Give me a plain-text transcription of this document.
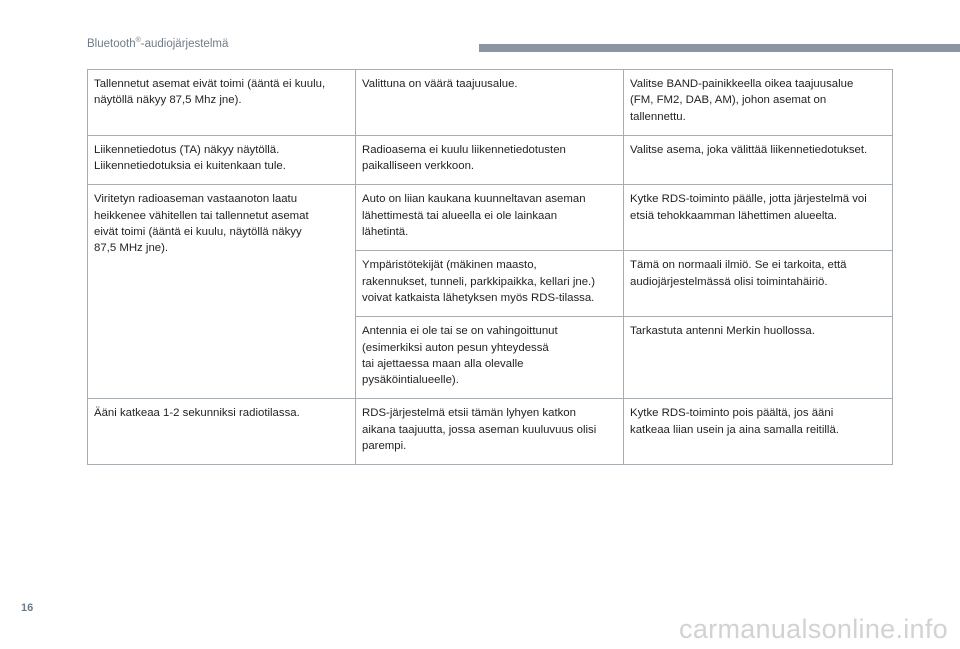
Bluetooth®-audiojärjestelmä
Tallennetut asemat eivät toimi (ääntä ei kuulu,
näytöllä näkyy 87,5 Mhz jne).	Valittuna on väärä taajuusalue.	Valitse BAND-painikkeella oikea taajuusalue
(FM, FM2, DAB, AM), johon asemat on
tallennettu.
Liikennetiedotus (TA) näkyy näytöllä.
Liikennetiedotuksia ei kuitenkaan tule.	Radioasema ei kuulu liikennetiedotusten
paikalliseen verkkoon.	Valitse asema, joka välittää liikennetiedotukset.
Viritetyn radioaseman vastaanoton laatu
heikkenee vähitellen tai tallennetut asemat
eivät toimi (ääntä ei kuulu, näytöllä näkyy
87,5 MHz jne).	Auto on liian kaukana kuunneltavan aseman
lähettimestä tai alueella ei ole lainkaan
lähetintä.	Kytke RDS-toiminto päälle, jotta järjestelmä voi
etsiä tehokkaamman lähettimen alueelta.
	Ympäristötekijät (mäkinen maasto,
rakennukset, tunneli, parkkipaikka, kellari jne.)
voivat katkaista lähetyksen myös RDS-tilassa.	Tämä on normaali ilmiö. Se ei tarkoita, että
audiojärjestelmässä olisi toimintahäiriö.
	Antennia ei ole tai se on vahingoittunut
(esimerkiksi auton pesun yhteydessä
tai ajettaessa maan alla olevalle
pysäköintialueelle).	Tarkastuta antenni Merkin huollossa.
Ääni katkeaa 1-2 sekunniksi radiotilassa.	RDS-järjestelmä etsii tämän lyhyen katkon
aikana taajuutta, jossa aseman kuuluvuus olisi
parempi.	Kytke RDS-toiminto pois päältä, jos ääni
katkeaa liian usein ja aina samalla reitillä.
16
carmanualsonline.info
